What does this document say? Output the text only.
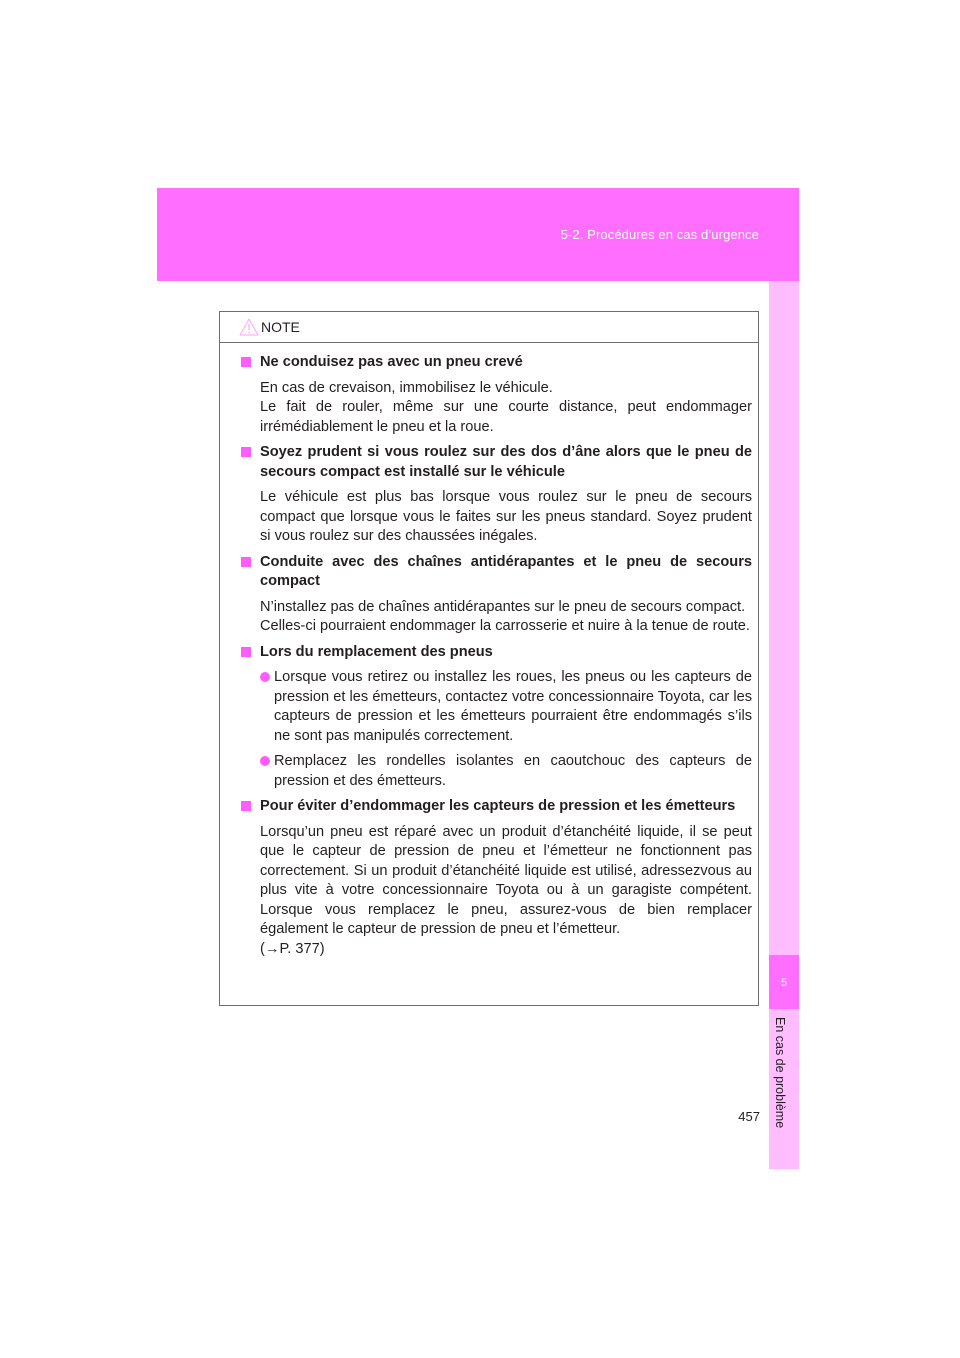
5-2. Procédures en cas d’urgence
5
En cas de problème
NOTE
Ne conduisez pas avec un pneu crevé

En cas de crevaison, immobilisez le véhicule.

Le fait de rouler, même sur une courte distance, peut endommager irrémédiablement le pneu et la roue.

Soyez prudent si vous roulez sur des dos d’âne alors que le pneu de secours compact est installé sur le véhicule

Le véhicule est plus bas lorsque vous roulez sur le pneu de secours compact que lorsque vous le faites sur les pneus standard. Soyez prudent si vous roulez sur des chaussées inégales.

Conduite avec des chaînes antidérapantes et le pneu de secours compact

N’installez pas de chaînes antidérapantes sur le pneu de secours compact.

Celles-ci pourraient endommager la carrosserie et nuire à la tenue de route.

Lors du remplacement des pneus
Lorsque vous retirez ou installez les roues, les pneus ou les capteurs de pression et les émetteurs, contactez votre concessionnaire Toyota, car les capteurs de pression et les émetteurs pourraient être endommagés s’ils ne sont pas manipulés correctement.
Remplacez les rondelles isolantes en caoutchouc des capteurs de pression et des émetteurs.
Pour éviter d’endommager les capteurs de pression et les émetteurs

Lorsqu’un pneu est réparé avec un produit d’étanchéité liquide, il se peut que le capteur de pression de pneu et l’émetteur ne fonctionnent pas correctement. Si un produit d’étanchéité liquide est utilisé, adressezvous au plus vite à votre concessionnaire Toyota ou à un garagiste compétent. Lorsque vous remplacez le pneu, assurez-vous de bien remplacer également le capteur de pression de pneu et l’émetteur.

(→P. 377)

457
